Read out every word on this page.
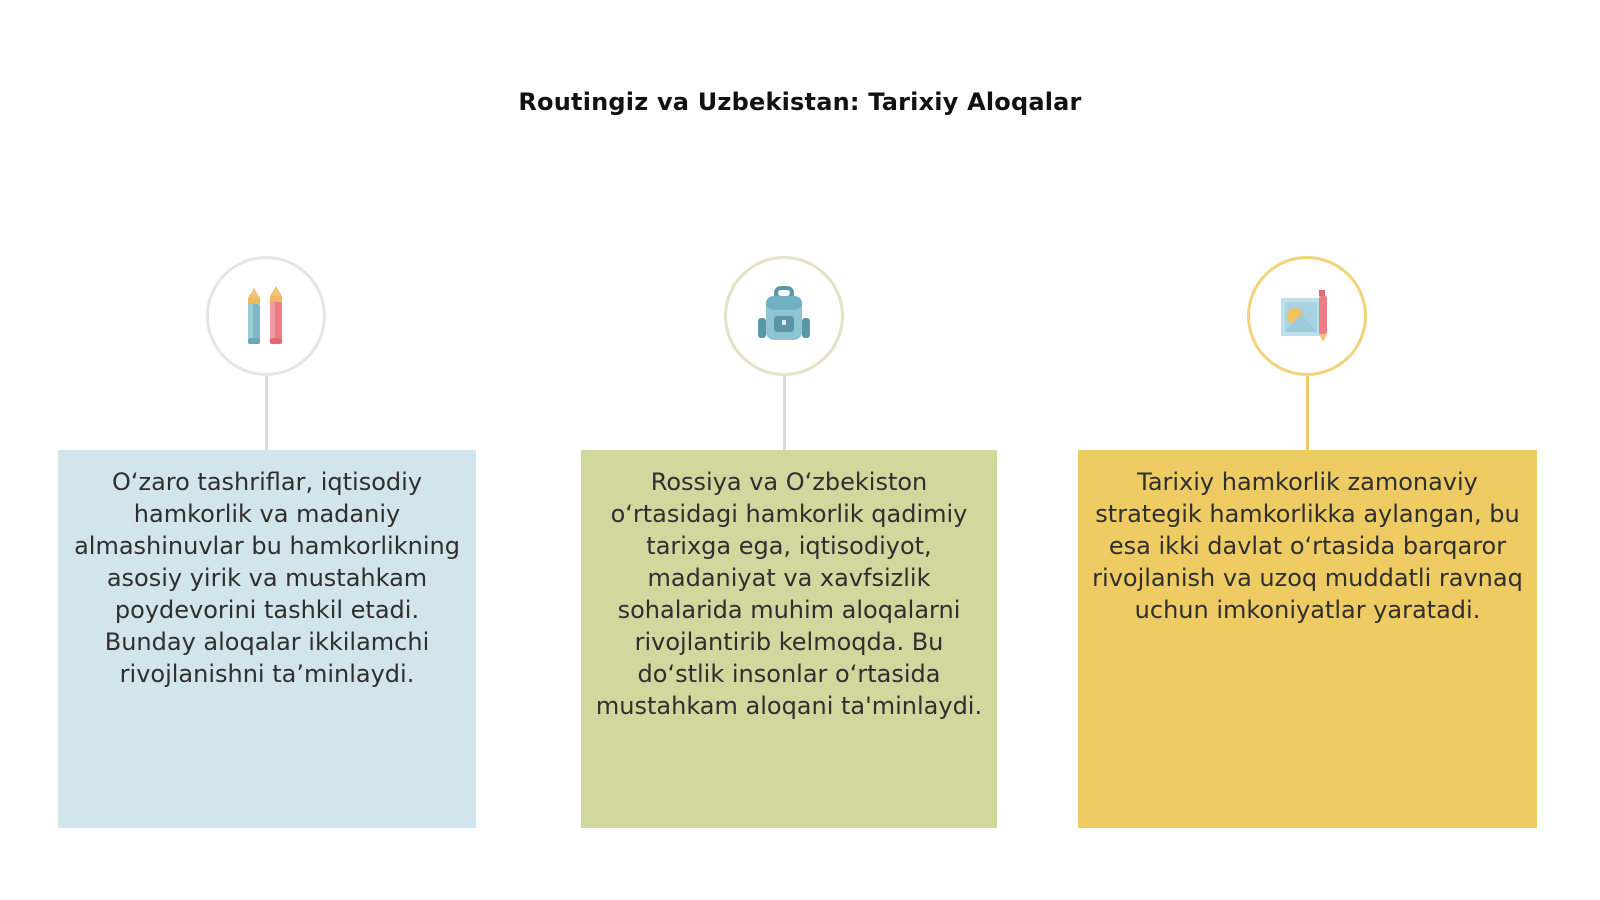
Routingiz va Uzbekistan: Tarixiy Aloqalar

O‘zaro tashriflar, iqtisodiy hamkorlik va madaniy almashinuvlar bu hamkorlikning asosiy yirik va mustahkam poydevorini tashkil etadi. Bunday aloqalar ikkilamchi rivojlanishni ta’minlaydi.

Rossiya va O‘zbekiston o‘rtasidagi hamkorlik qadimiy tarixga ega, iqtisodiyot, madaniyat va xavfsizlik sohalarida muhim aloqalarni rivojlantirib kelmoqda. Bu do‘stlik insonlar o‘rtasida mustahkam aloqani ta'minlaydi.

Tarixiy hamkorlik zamonaviy strategik hamkorlikka aylangan, bu esa ikki davlat o‘rtasida barqaror rivojlanish va uzoq muddatli ravnaq uchun imkoniyatlar yaratadi.
